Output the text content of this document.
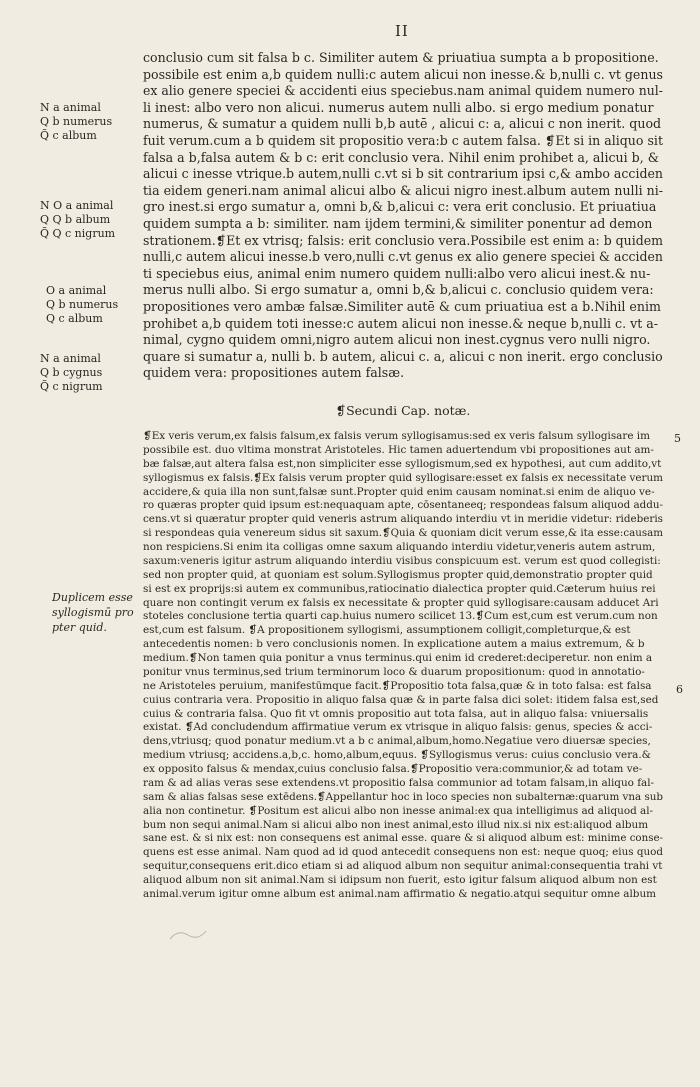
II
N a animal
Q b numerus
Q̃ c album
N O a animal
Q Q b album
Q̃ Q c nigrum
O a animal
Q b numerus
Q c album
N a animal
Q b cygnus
Q̃ c nigrum
conclusio cum sit falsa b c. Similiter autem & priuatiua sumpta a b propositione.
possibile est enim a,b quidem nulli:c autem alicui non inesse.& b,nulli c. vt genus
ex alio genere speciei & accidenti eius speciebus.nam animal quidem numero nul-
li inest: albo vero non alicui. numerus autem nulli albo. si ergo medium ponatur
numerus, & sumatur a quidem nulli b,b autē , alicui c: a, alicui c non inerit. quod
fuit verum.cum a b quidem sit propositio vera:b c autem falsa. ❡Et si in aliquo sit
falsa a b,falsa autem & b c: erit conclusio vera. Nihil enim prohibet a, alicui b, &
alicui c inesse vtrique.b autem,nulli c.vt si b sit contrarium ipsi c,& ambo acciden
tia eidem generi.nam animal alicui albo & alicui nigro inest.album autem nulli ni-
gro inest.si ergo sumatur a, omni b,& b,alicui c: vera erit conclusio. Et priuatiua
quidem sumpta a b: similiter. nam ijdem termini,& similiter ponentur ad demon
strationem.❡Et ex vtrisq; falsis: erit conclusio vera.Possibile est enim a: b quidem
nulli,c autem alicui inesse.b vero,nulli c.vt genus ex alio genere speciei & acciden
ti speciebus eius, animal enim numero quidem nulli:albo vero alicui inest.& nu-
merus nulli albo. Si ergo sumatur a, omni b,& b,alicui c. conclusio quidem vera:
propositiones vero ambæ falsæ.Similiter autē & cum priuatiua est a b.Nihil enim
prohibet a,b quidem toti inesse:c autem alicui non inesse.& neque b,nulli c. vt a-
nimal, cygno quidem omni,nigro autem alicui non inest.cygnus vero nulli nigro.
quare si sumatur a, nulli b. b autem, alicui c. a, alicui c non inerit. ergo conclusio
quidem vera: propositiones autem falsæ.
❡Secundi Cap. notæ.
Duplicem esse
syllogismū pro
pter quid.
❡Ex veris verum,ex falsis falsum,ex falsis verum syllogisamus:sed ex veris falsum syllogisare im
possibile est. duo vltima monstrat Aristoteles. Hic tamen aduertendum vbi propositiones aut am-
bæ falsæ,aut altera falsa est,non simpliciter esse syllogismum,sed ex hypothesi, aut cum addito,vt
syllogismus ex falsis.❡Ex falsis verum propter quid syllogisare:esset ex falsis ex necessitate verum
accidere,& quia illa non sunt,falsæ sunt.Propter quid enim causam nominat.si enim de aliquo ve-
ro quæras propter quid ipsum est:nequaquam apte, cōsentaneeq; respondeas falsum aliquod addu-
cens.vt si quæratur propter quid veneris astrum aliquando interdiu vt in meridie videtur: rideberis
si respondeas quia venereum sidus sit saxum.❡Quia & quoniam dicit verum esse,& ita esse:causam
non respiciens.Si enim ita colligas omne saxum aliquando interdiu videtur,veneris autem astrum,
saxum:veneris igitur astrum aliquando interdiu visibus conspicuum est. verum est quod collegisti:
sed non propter quid, at quoniam est solum.Syllogismus propter quid,demonstratio propter quid
si est ex proprijs:si autem ex communibus,ratiocinatio dialectica propter quid.Cæterum huius rei
quare non contingit verum ex falsis ex necessitate & propter quid syllogisare:causam adducet Ari
stoteles conclusione tertia quarti cap.huius numero scilicet 13.❡Cum est,cum est verum.cum non
est,cum est falsum. ❡A propositionem syllogismi, assumptionem colligit,completurque,& est
antecedentis nomen: b vero conclusionis nomen. In explicatione autem a maius extremum, & b
medium.❡Non tamen quia ponitur a vnus terminus.qui enim id crederet:deciperetur. non enim a
ponitur vnus terminus,sed trium terminorum loco & duarum propositionum: quod in annotatio-
ne Aristoteles peruium, manifestūmque facit.❡Propositio tota falsa,quæ & in toto falsa: est falsa
cuius contraria vera. Propositio in aliquo falsa quæ & in parte falsa dici solet: itidem falsa est,sed
cuius & contraria falsa. Quo fit vt omnis propositio aut tota falsa, aut in aliquo falsa: vniuersalis
existat. ❡Ad concludendum affirmatiue verum ex vtrisque in aliquo falsis: genus, species & acci-
dens,vtriusq; quod ponatur medium.vt a b c animal,album,homo.Negatiue vero diuersæ species,
medium vtriusq; accidens.a,b,c. homo,album,equus. ❡Syllogismus verus: cuius conclusio vera.&
ex opposito falsus & mendax,cuius conclusio falsa.❡Propositio vera:communior,& ad totam ve-
ram & ad alias veras sese extendens.vt propositio falsa communior ad totam falsam,in aliquo fal-
sam & alias falsas sese extēdens.❡Appellantur hoc in loco species non subalternæ:quarum vna sub
alia non continetur. ❡Positum est alicui albo non inesse animal:ex qua intelligimus ad aliquod al-
bum non sequi animal.Nam si alicui albo non inest animal,esto illud nix.si nix est:aliquod album
sane est. & si nix est: non consequens est animal esse. quare & si aliquod album est: minime conse-
quens est esse animal. Nam quod ad id quod antecedit consequens non est: neque quoq; eius quod
sequitur,consequens erit.dico etiam si ad aliquod album non sequitur animal:consequentia trahi vt
aliquod album non sit animal.Nam si idipsum non fuerit, esto igitur falsum aliquod album non est
animal.verum igitur omne album est animal.nam affirmatio & negatio.atqui sequitur omne album
5
6
